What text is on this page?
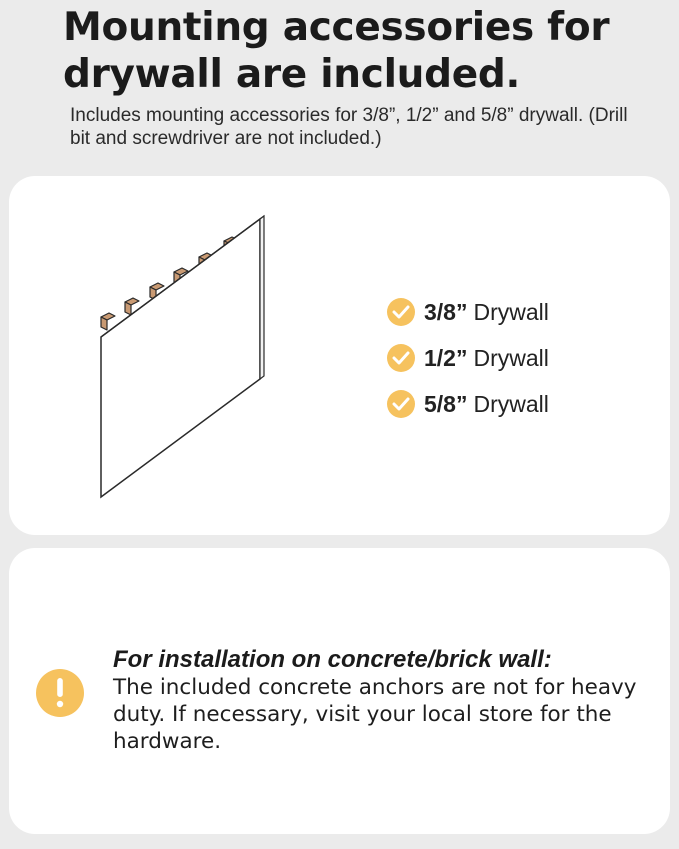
Mounting accessories for drywall are included.

Includes mounting accessories for 3/8”, 1/2” and 5/8” drywall. (Drill bit and screwdriver are not included.)

3/8” Drywall
1/2” Drywall
5/8” Drywall

For installation on concrete/brick wall:

The included concrete anchors are not for heavy duty. If necessary, visit your local store for the hardware.
